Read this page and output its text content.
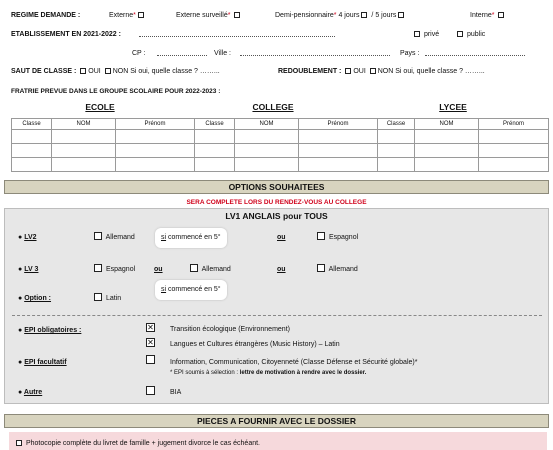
REGIME DEMANDE :	Externe*	Externe surveillé*	Demi-pensionnaire* 4 jours / 5 jours	Interne*
ETABLISSEMENT EN 2021-2022 :	privé	public
CP :	Ville :	Pays :
SAUT DE CLASSE : OUI NON Si oui, quelle classe ? ……...	REDOUBLEMENT : OUI NON Si oui, quelle classe ? ……...
FRATRIE PREVUE DANS LE GROUPE SCOLAIRE POUR 2022-2023 :
ECOLE	COLLEGE	LYCEE
Classe	NOM	Prénom	Classe	NOM	Prénom	Classe	NOM	Prénom

OPTIONS SOUHAITEES
SERA COMPLETE LORS DU RENDEZ-VOUS AU COLLEGE
LV1 ANGLAIS pour TOUS
● LV2	Allemand	si commencé en 5°	ou	Espagnol
● LV 3	Espagnol	ou	Allemand	ou	Allemand
● Option :	Latin
si commencé en 5°
● EPI obligatoires :	✕ Transition écologique (Environnement)
✕ Langues et Cultures étrangères (Music History) – Latin
● EPI facultatif	Information, Communication, Citoyenneté (Classe Défense et Sécurité globale)*
* EPI soumis à sélection : lettre de motivation à rendre avec le dossier.
● Autre	BIA
PIECES A FOURNIR AVEC LE DOSSIER
Photocopie complète du livret de famille + jugement divorce le cas échéant.
